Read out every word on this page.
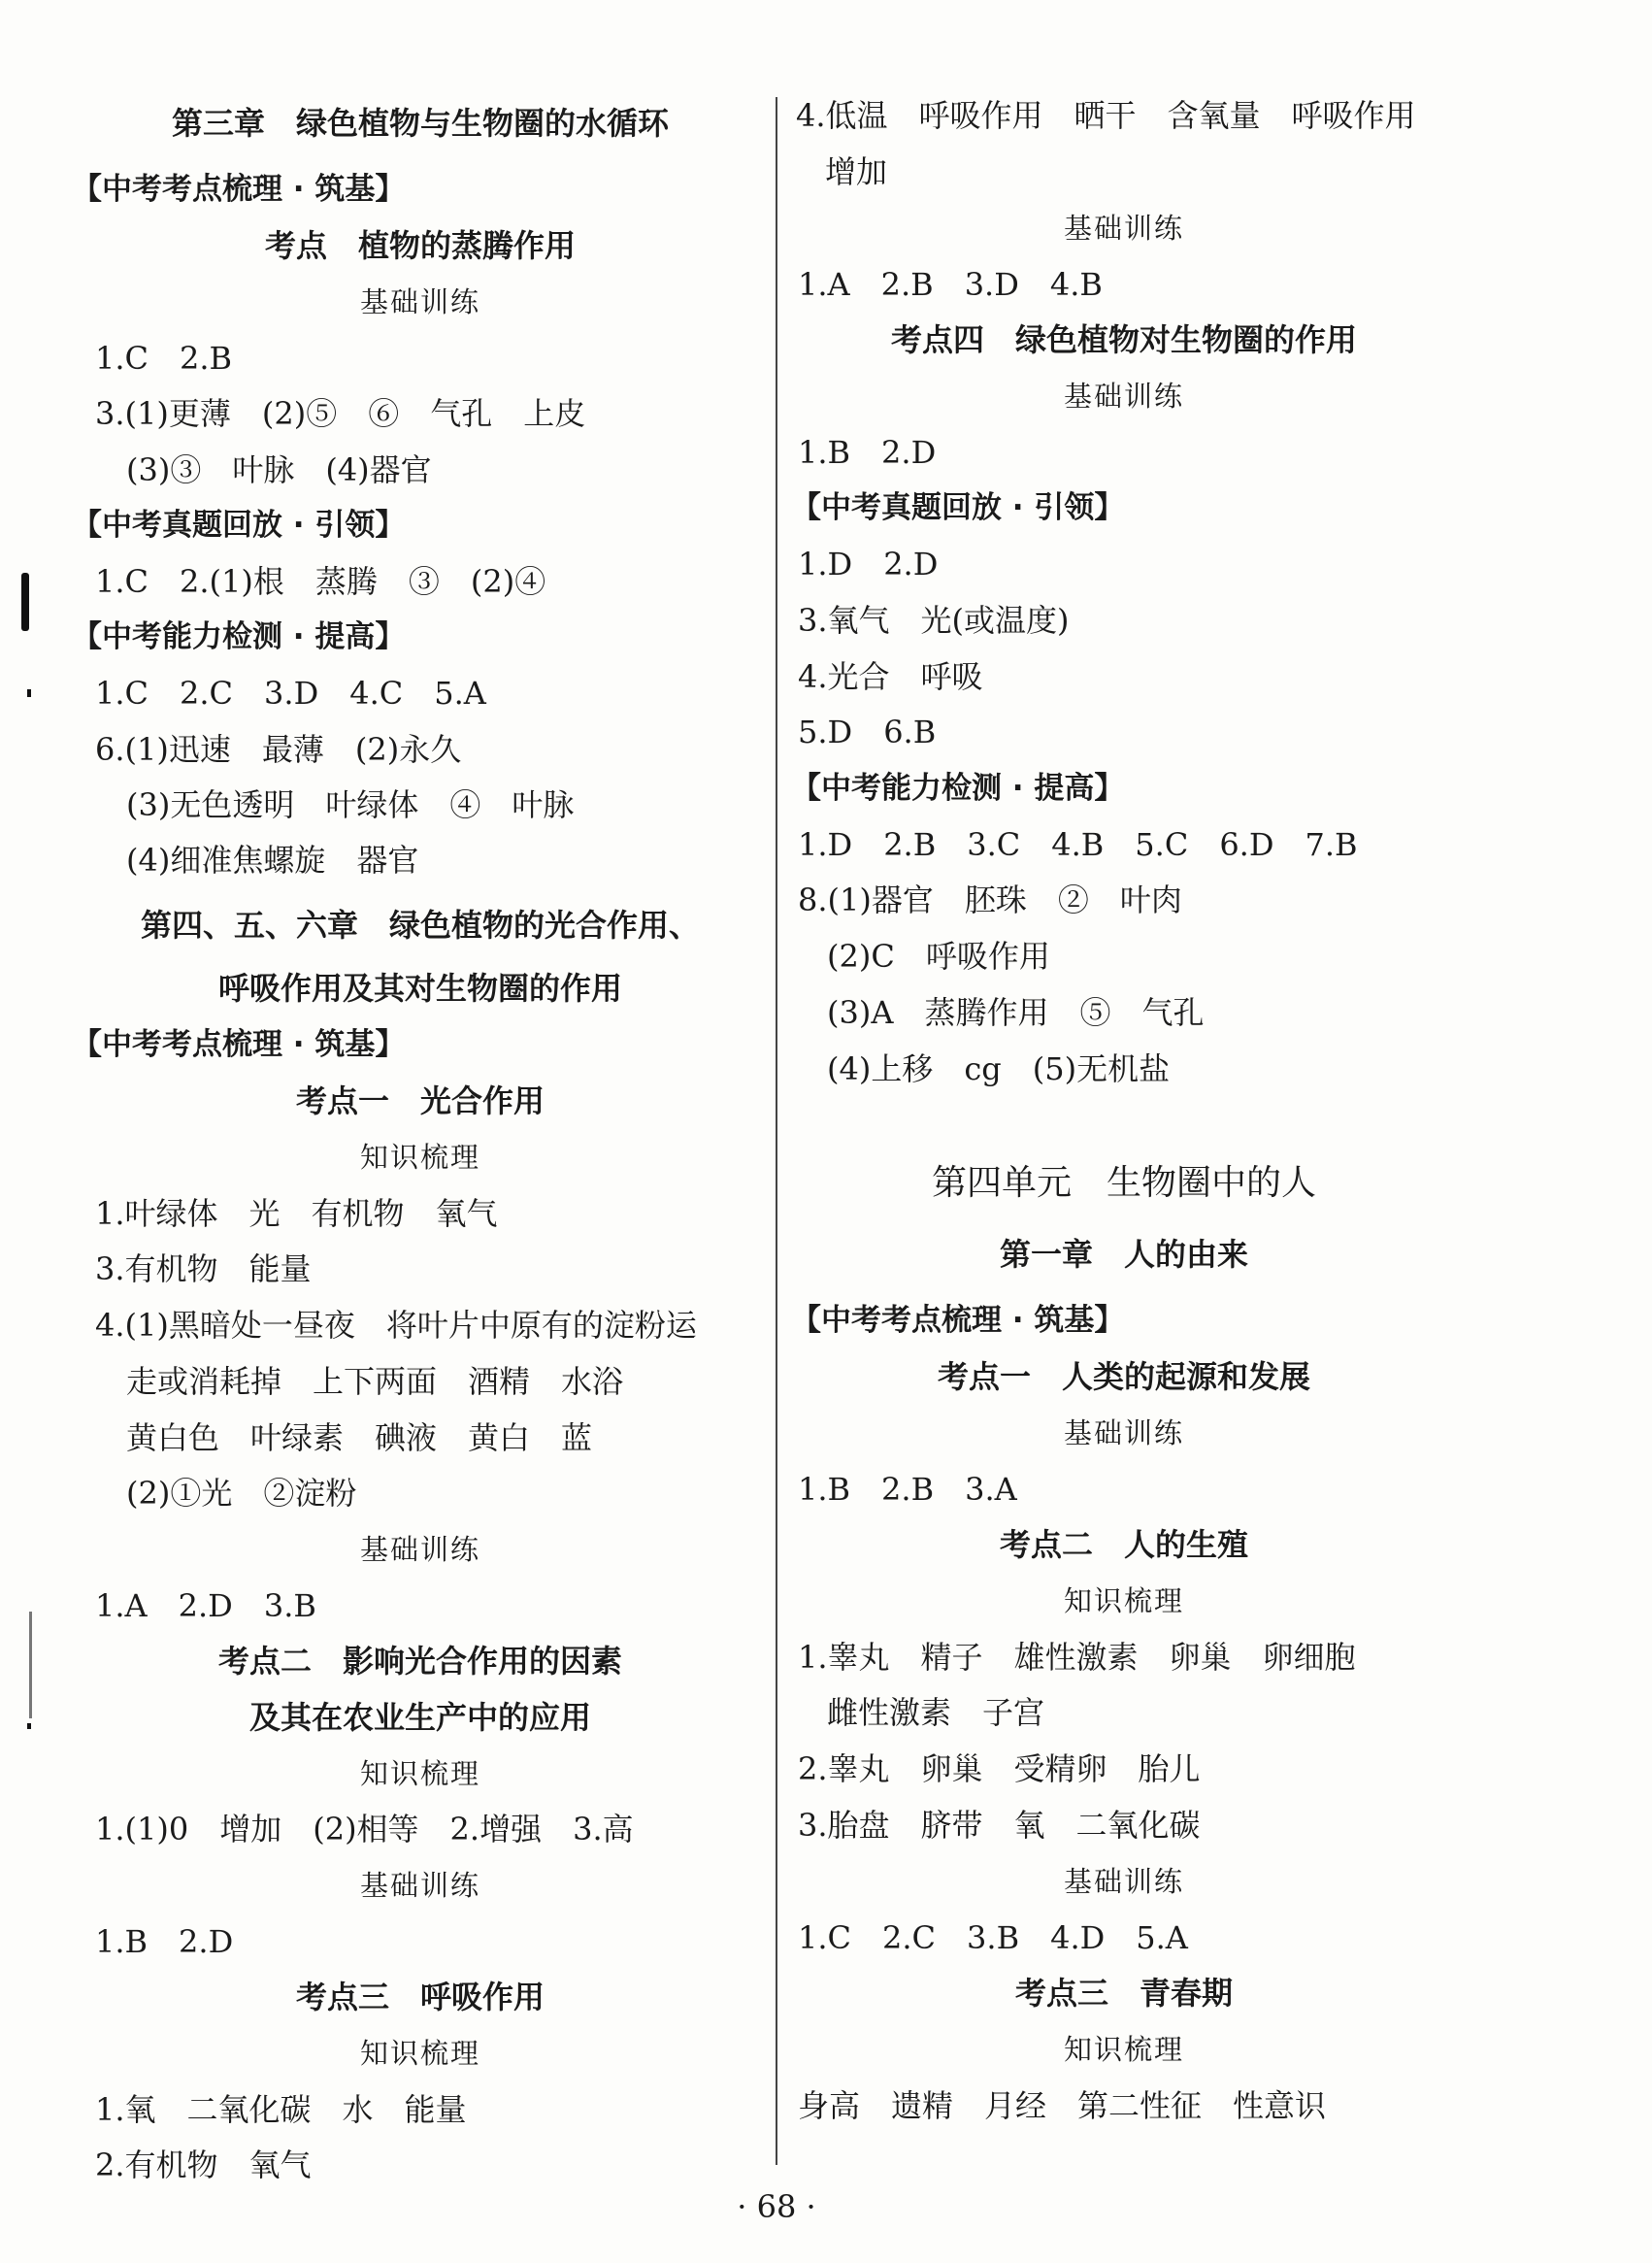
第三章　绿色植物与生物圈的水循环
【中考考点梳理 · 筑基】
考点　植物的蒸腾作用
基础训练
1.C　2.B
3.(1)更薄　(2)⑤　⑥　气孔　上皮
(3)③　叶脉　(4)器官
【中考真题回放 · 引领】
1.C　2.(1)根　蒸腾　③　(2)④
【中考能力检测 · 提高】
1.C　2.C　3.D　4.C　5.A
6.(1)迅速　最薄　(2)永久
(3)无色透明　叶绿体　④　叶脉
(4)细准焦螺旋　器官
第四、五、六章　绿色植物的光合作用、
呼吸作用及其对生物圈的作用
【中考考点梳理 · 筑基】
考点一　光合作用
知识梳理
1.叶绿体　光　有机物　氧气
3.有机物　能量
4.(1)黑暗处一昼夜　将叶片中原有的淀粉运
走或消耗掉　上下两面　酒精　水浴
黄白色　叶绿素　碘液　黄白　蓝
(2)①光　②淀粉
基础训练
1.A　2.D　3.B
考点二　影响光合作用的因素
及其在农业生产中的应用
知识梳理
1.(1)0　增加　(2)相等　2.增强　3.高
基础训练
1.B　2.D
考点三　呼吸作用
知识梳理
1.氧　二氧化碳　水　能量
2.有机物　氧气
4.低温　呼吸作用　晒干　含氧量　呼吸作用
增加
基础训练
1.A　2.B　3.D　4.B
考点四　绿色植物对生物圈的作用
基础训练
1.B　2.D
【中考真题回放 · 引领】
1.D　2.D
3.氧气　光(或温度)
4.光合　呼吸
5.D　6.B
【中考能力检测 · 提高】
1.D　2.B　3.C　4.B　5.C　6.D　7.B
8.(1)器官　胚珠　②　叶肉
(2)C　呼吸作用
(3)A　蒸腾作用　⑤　气孔
(4)上移　cg　(5)无机盐
第四单元　生物圈中的人
第一章　人的由来
【中考考点梳理 · 筑基】
考点一　人类的起源和发展
基础训练
1.B　2.B　3.A
考点二　人的生殖
知识梳理
1.睾丸　精子　雄性激素　卵巢　卵细胞
雌性激素　子宫
2.睾丸　卵巢　受精卵　胎儿
3.胎盘　脐带　氧　二氧化碳
基础训练
1.C　2.C　3.B　4.D　5.A
考点三　青春期
知识梳理
身高　遗精　月经　第二性征　性意识
· 68 ·
